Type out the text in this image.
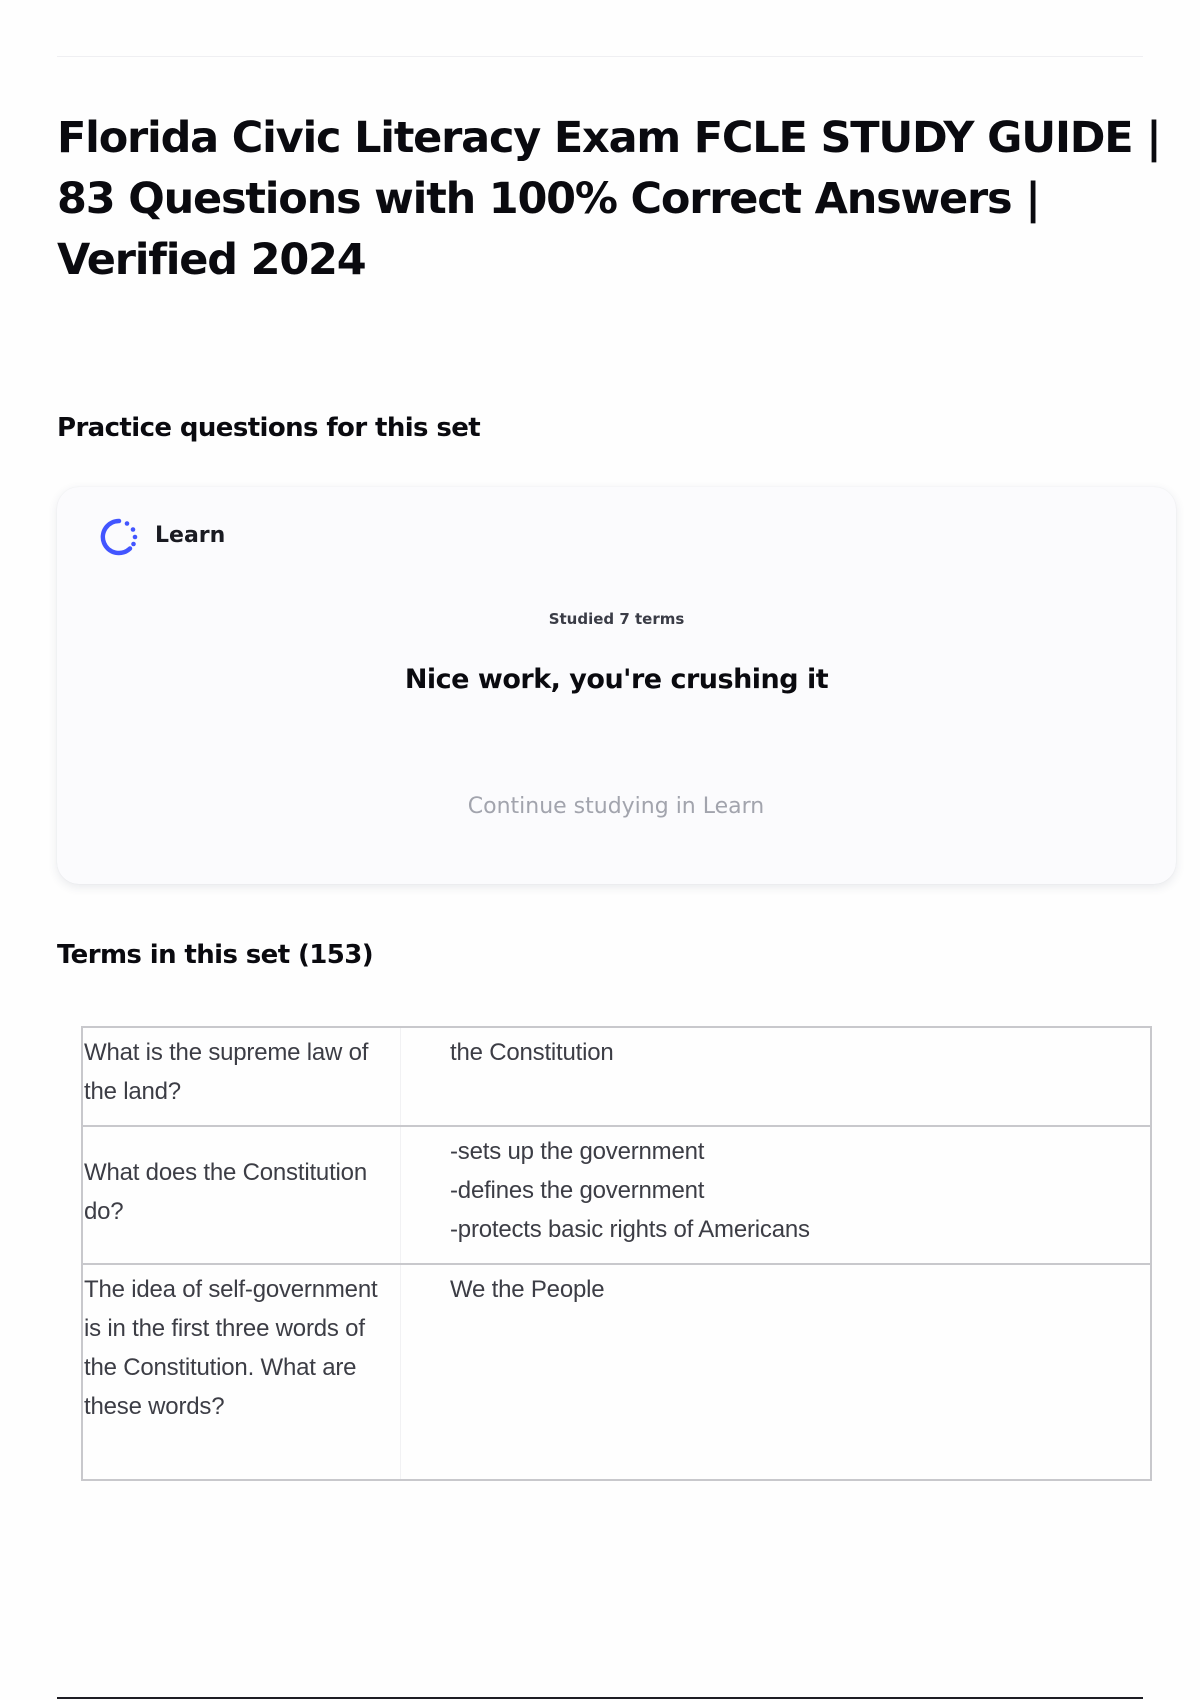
Florida Civic Literacy Exam FCLE STUDY GUIDE | 83 Questions with 100% Correct Answers | Verified 2024
Practice questions for this set
Learn
Studied 7 terms
Nice work, you're crushing it
Continue studying in Learn
Terms in this set (153)
What is the supreme law of the land?
the Constitution
What does the Constitution do?
-sets up the government
-defines the government
-protects basic rights of Americans
The idea of self-government is in the first three words of the Constitution. What are these words?
We the People
